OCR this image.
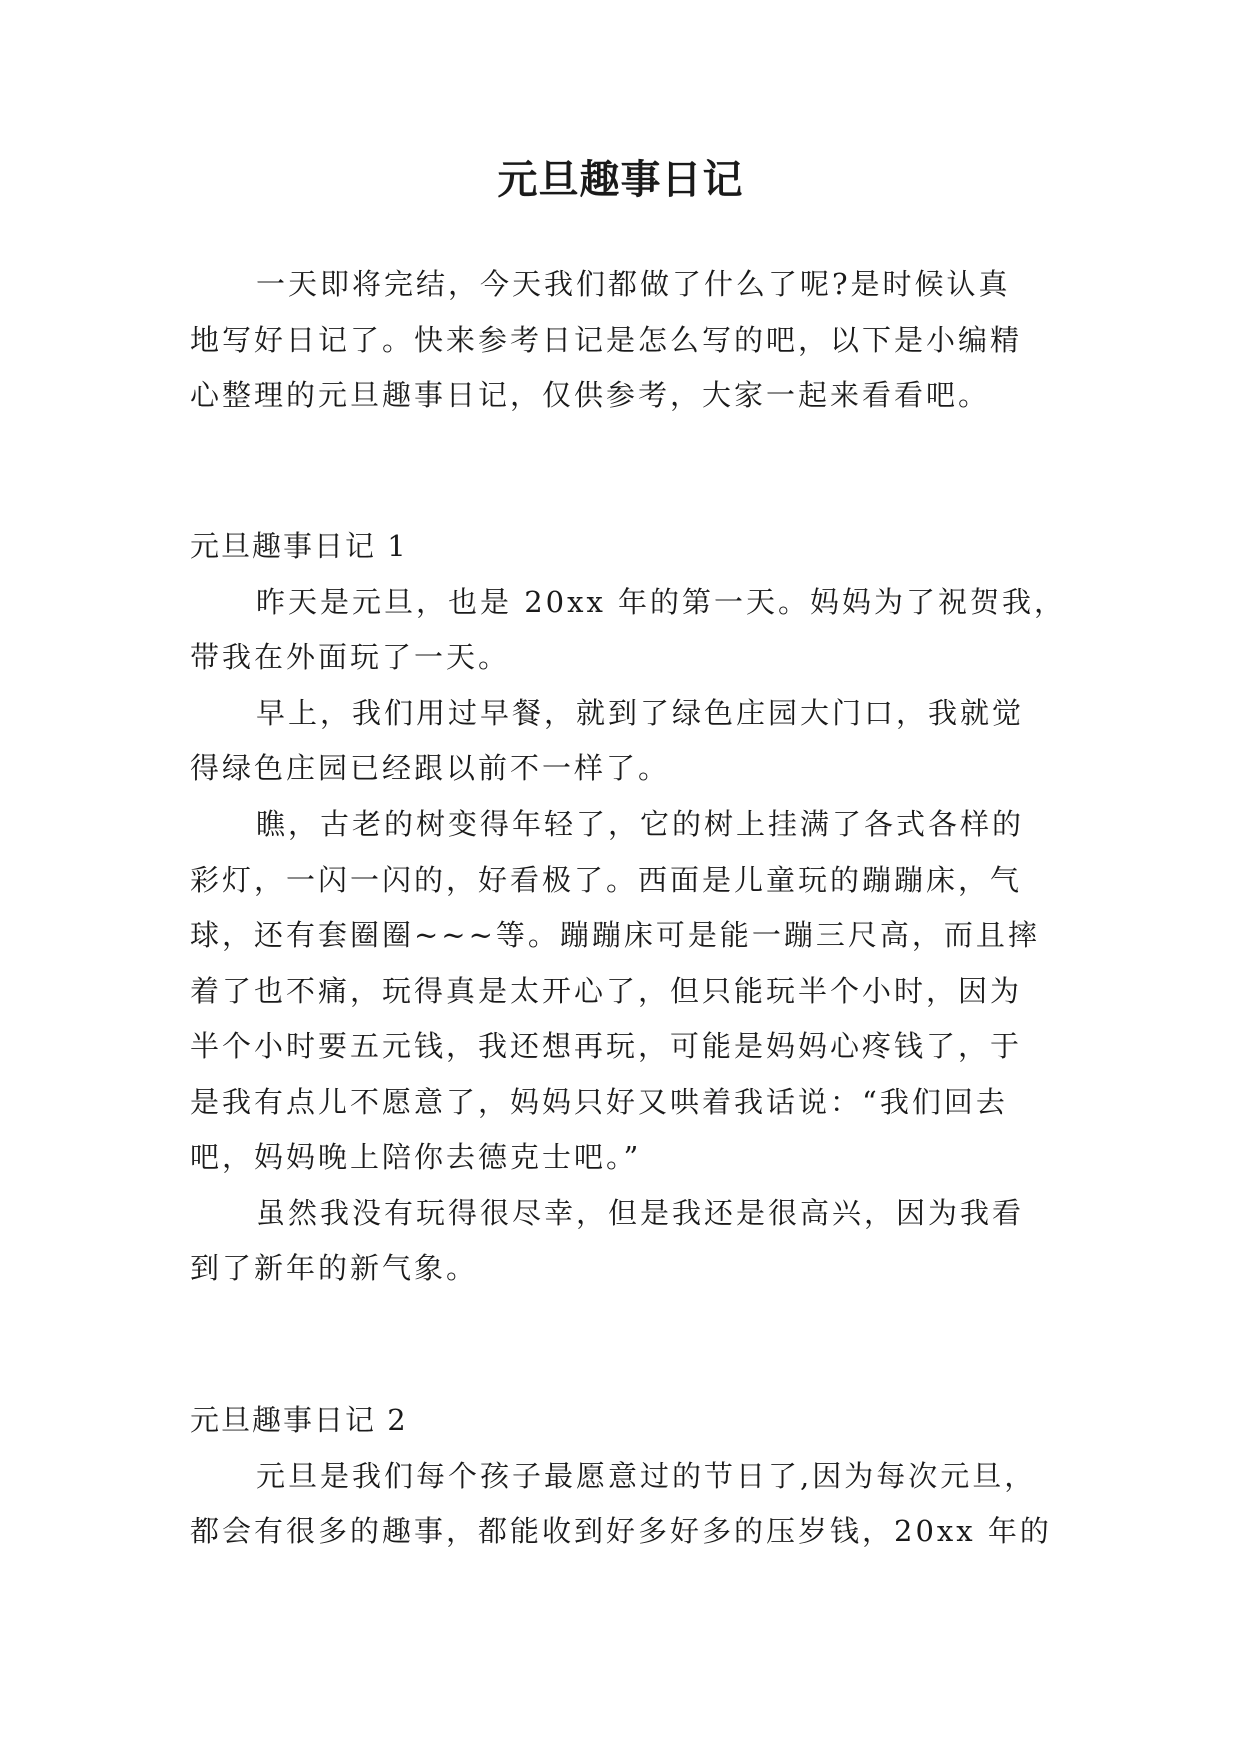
元旦趣事日记
一天即将完结，今天我们都做了什么了呢?是时候认真
地写好日记了。快来参考日记是怎么写的吧，以下是小编精
心整理的元旦趣事日记，仅供参考，大家一起来看看吧。
元旦趣事日记 1
昨天是元旦，也是 20xx 年的第一天。妈妈为了祝贺我，
带我在外面玩了一天。
早上，我们用过早餐，就到了绿色庄园大门口，我就觉
得绿色庄园已经跟以前不一样了。
瞧，古老的树变得年轻了，它的树上挂满了各式各样的
彩灯，一闪一闪的，好看极了。西面是儿童玩的蹦蹦床，气
球，还有套圈圈~~~等。蹦蹦床可是能一蹦三尺高，而且摔
着了也不痛，玩得真是太开心了，但只能玩半个小时，因为
半个小时要五元钱，我还想再玩，可能是妈妈心疼钱了，于
是我有点儿不愿意了，妈妈只好又哄着我话说：“我们回去
吧，妈妈晚上陪你去德克士吧。”
虽然我没有玩得很尽幸，但是我还是很高兴，因为我看
到了新年的新气象。
元旦趣事日记 2
元旦是我们每个孩子最愿意过的节日了,因为每次元旦，
都会有很多的趣事，都能收到好多好多的压岁钱，20xx 年的
